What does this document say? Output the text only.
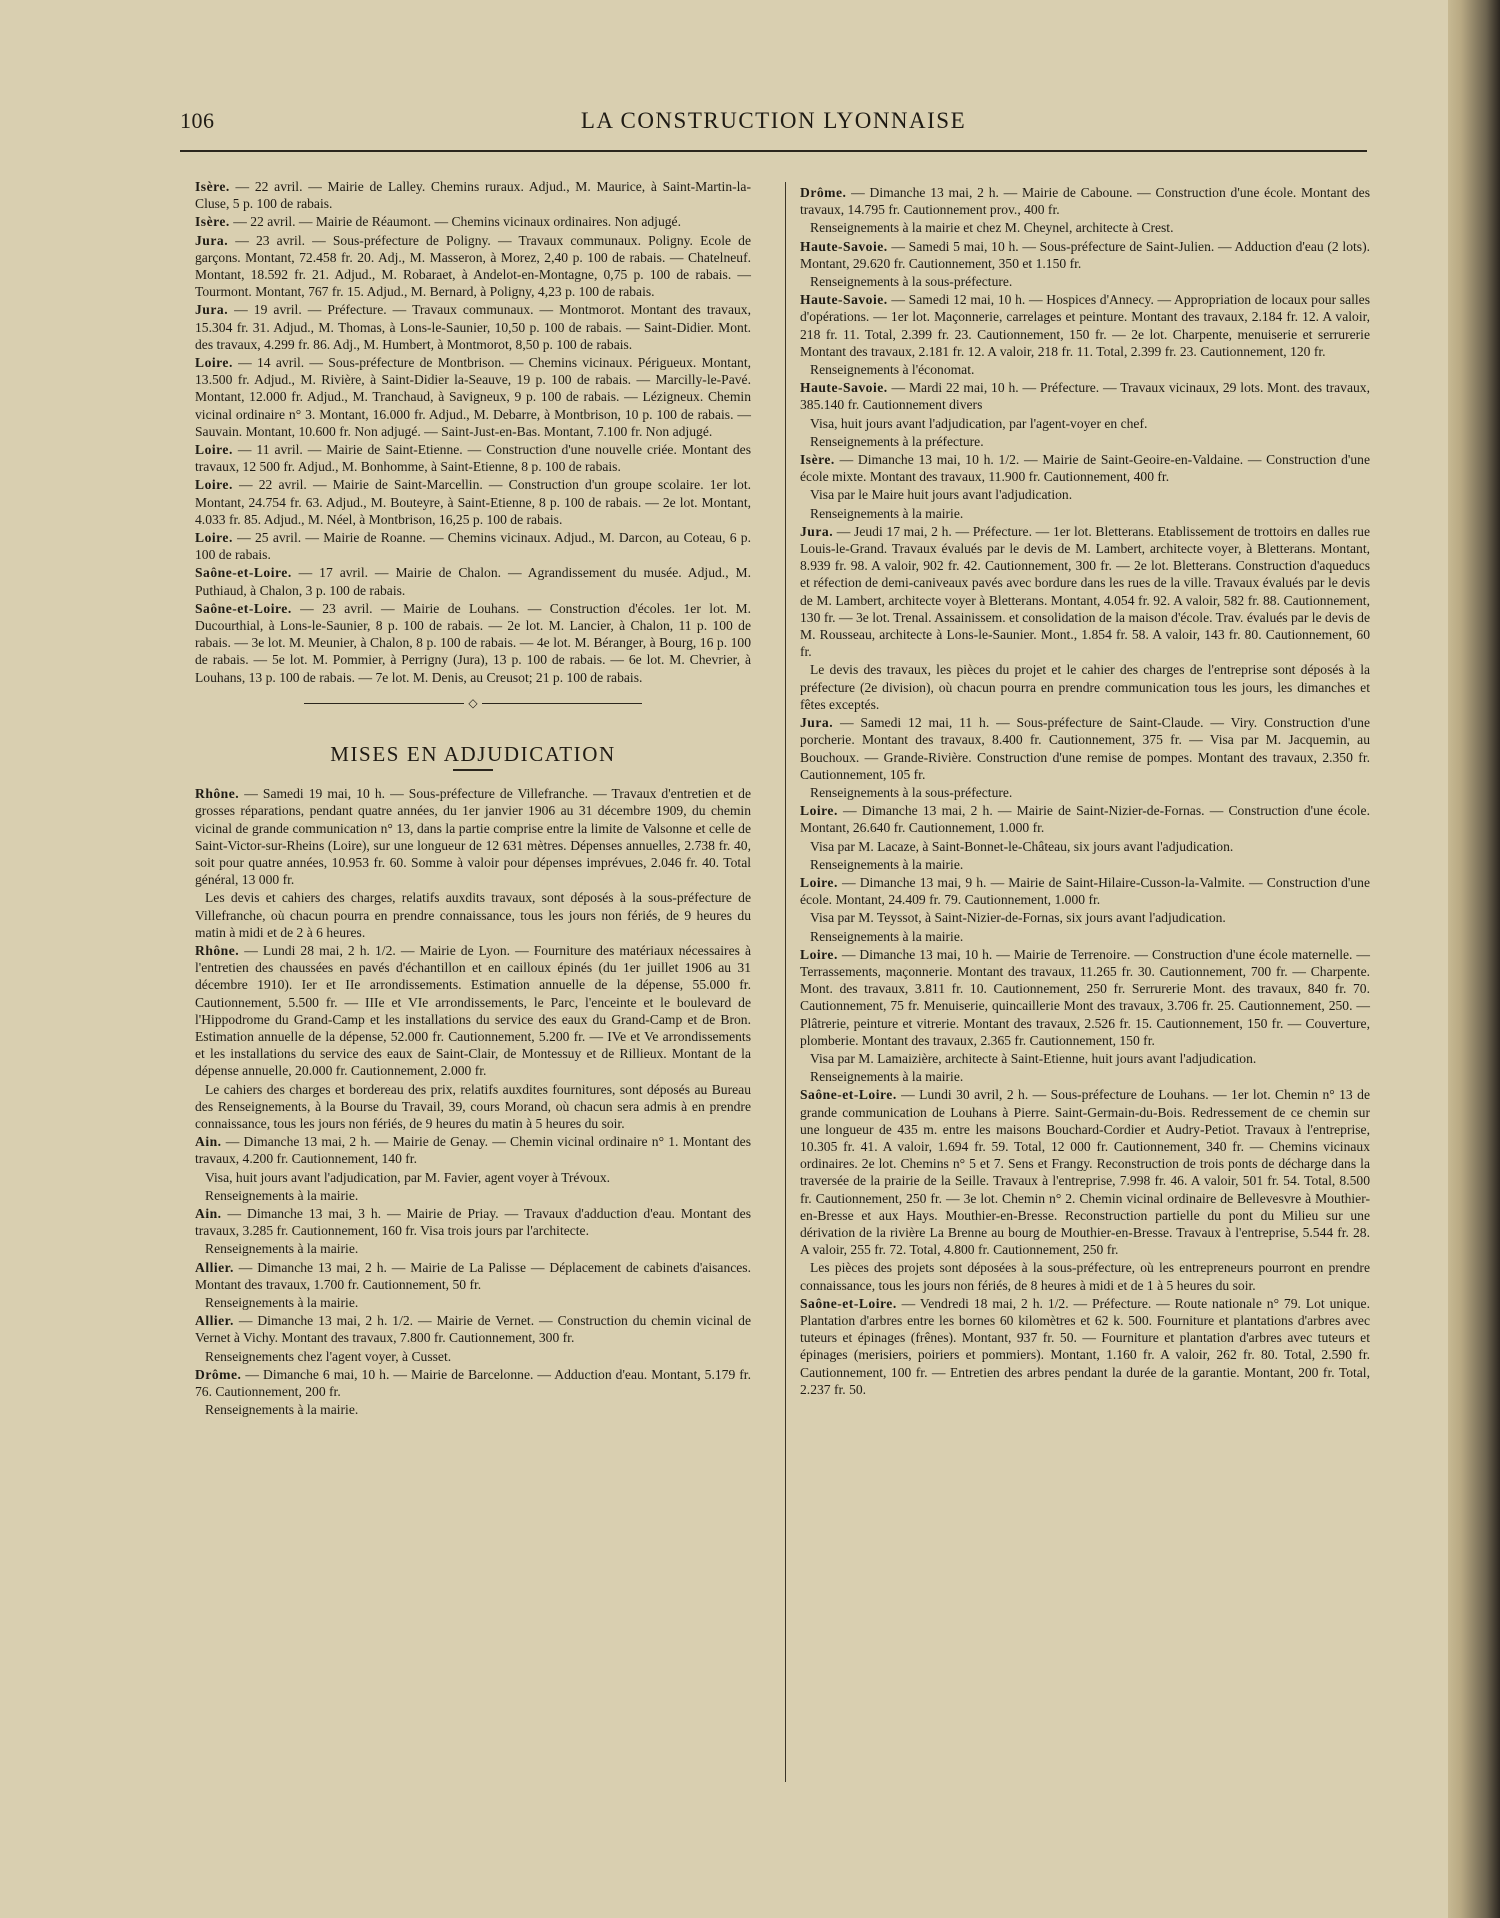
106	LA CONSTRUCTION LYONNAISE

Isère. — 22 avril. — Mairie de Lalley. Chemins ruraux. Adjud., M. Maurice, à Saint-Martin-la-Cluse, 5 p. 100 de rabais.

Isère. — 22 avril. — Mairie de Réaumont. — Chemins vicinaux ordinaires. Non adjugé.

Jura. — 23 avril. — Sous-préfecture de Poligny. — Travaux communaux. Poligny. Ecole de garçons. Montant, 72.458 fr. 20. Adj., M. Masseron, à Morez, 2,40 p. 100 de rabais. — Chatelneuf. Montant, 18.592 fr. 21. Adjud., M. Robaraet, à Andelot-en-Montagne, 0,75 p. 100 de rabais. — Tourmont. Montant, 767 fr. 15. Adjud., M. Bernard, à Poligny, 4,23 p. 100 de rabais.

Jura. — 19 avril. — Préfecture. — Travaux communaux. — Montmorot. Montant des travaux, 15.304 fr. 31. Adjud., M. Thomas, à Lons-le-Saunier, 10,50 p. 100 de rabais. — Saint-Didier. Mont. des travaux, 4.299 fr. 86. Adj., M. Humbert, à Montmorot, 8,50 p. 100 de rabais.

Loire. — 14 avril. — Sous-préfecture de Montbrison. — Chemins vicinaux. Périgueux. Montant, 13.500 fr. Adjud., M. Rivière, à Saint-Didier la-Seauve, 19 p. 100 de rabais. — Marcilly-le-Pavé. Montant, 12.000 fr. Adjud., M. Tranchaud, à Savigneux, 9 p. 100 de rabais. — Lézigneux. Chemin vicinal ordinaire n° 3. Montant, 16.000 fr. Adjud., M. Debarre, à Montbrison, 10 p. 100 de rabais. — Sauvain. Montant, 10.600 fr. Non adjugé. — Saint-Just-en-Bas. Montant, 7.100 fr. Non adjugé.

Loire. — 11 avril. — Mairie de Saint-Etienne. — Construction d'une nouvelle criée. Montant des travaux, 12 500 fr. Adjud., M. Bonhomme, à Saint-Etienne, 8 p. 100 de rabais.

Loire. — 22 avril. — Mairie de Saint-Marcellin. — Construction d'un groupe scolaire. 1er lot. Montant, 24.754 fr. 63. Adjud., M. Bouteyre, à Saint-Etienne, 8 p. 100 de rabais. — 2e lot. Montant, 4.033 fr. 85. Adjud., M. Néel, à Montbrison, 16,25 p. 100 de rabais.

Loire. — 25 avril. — Mairie de Roanne. — Chemins vicinaux. Adjud., M. Darcon, au Coteau, 6 p. 100 de rabais.

Saône-et-Loire. — 17 avril. — Mairie de Chalon. — Agrandissement du musée. Adjud., M. Puthiaud, à Chalon, 3 p. 100 de rabais.

Saône-et-Loire. — 23 avril. — Mairie de Louhans. — Construction d'écoles. 1er lot. M. Ducourthial, à Lons-le-Saunier, 8 p. 100 de rabais. — 2e lot. M. Lancier, à Chalon, 11 p. 100 de rabais. — 3e lot. M. Meunier, à Chalon, 8 p. 100 de rabais. — 4e lot. M. Béranger, à Bourg, 16 p. 100 de rabais. — 5e lot. M. Pommier, à Perrigny (Jura), 13 p. 100 de rabais. — 6e lot. M. Chevrier, à Louhans, 13 p. 100 de rabais. — 7e lot. M. Denis, au Creusot; 21 p. 100 de rabais.

◇
MISES EN ADJUDICATION

Rhône. — Samedi 19 mai, 10 h. — Sous-préfecture de Villefranche. — Travaux d'entretien et de grosses réparations, pendant quatre années, du 1er janvier 1906 au 31 décembre 1909, du chemin vicinal de grande communication n° 13, dans la partie comprise entre la limite de Valsonne et celle de Saint-Victor-sur-Rheins (Loire), sur une longueur de 12 631 mètres. Dépenses annuelles, 2.738 fr. 40, soit pour quatre années, 10.953 fr. 60. Somme à valoir pour dépenses imprévues, 2.046 fr. 40. Total général, 13 000 fr.

Les devis et cahiers des charges, relatifs auxdits travaux, sont déposés à la sous-préfecture de Villefranche, où chacun pourra en prendre connaissance, tous les jours non fériés, de 9 heures du matin à midi et de 2 à 6 heures.

Rhône. — Lundi 28 mai, 2 h. 1/2. — Mairie de Lyon. — Fourniture des matériaux nécessaires à l'entretien des chaussées en pavés d'échantillon et en cailloux épinés (du 1er juillet 1906 au 31 décembre 1910). Ier et IIe arrondissements. Estimation annuelle de la dépense, 55.000 fr. Cautionnement, 5.500 fr. — IIIe et VIe arrondissements, le Parc, l'enceinte et le boulevard de l'Hippodrome du Grand-Camp et les installations du service des eaux du Grand-Camp et de Bron. Estimation annuelle de la dépense, 52.000 fr. Cautionnement, 5.200 fr. — IVe et Ve arrondissements et les installations du service des eaux de Saint-Clair, de Montessuy et de Rillieux. Montant de la dépense annuelle, 20.000 fr. Cautionnement, 2.000 fr.

Le cahiers des charges et bordereau des prix, relatifs auxdites fournitures, sont déposés au Bureau des Renseignements, à la Bourse du Travail, 39, cours Morand, où chacun sera admis à en prendre connaissance, tous les jours non fériés, de 9 heures du matin à 5 heures du soir.

Ain. — Dimanche 13 mai, 2 h. — Mairie de Genay. — Chemin vicinal ordinaire n° 1. Montant des travaux, 4.200 fr. Cautionnement, 140 fr.

Visa, huit jours avant l'adjudication, par M. Favier, agent voyer à Trévoux.

Renseignements à la mairie.

Ain. — Dimanche 13 mai, 3 h. — Mairie de Priay. — Travaux d'adduction d'eau. Montant des travaux, 3.285 fr. Cautionnement, 160 fr. Visa trois jours par l'architecte.

Renseignements à la mairie.

Allier. — Dimanche 13 mai, 2 h. — Mairie de La Palisse — Déplacement de cabinets d'aisances. Montant des travaux, 1.700 fr. Cautionnement, 50 fr.

Renseignements à la mairie.

Allier. — Dimanche 13 mai, 2 h. 1/2. — Mairie de Vernet. — Construction du chemin vicinal de Vernet à Vichy. Montant des travaux, 7.800 fr. Cautionnement, 300 fr.

Renseignements chez l'agent voyer, à Cusset.

Drôme. — Dimanche 6 mai, 10 h. — Mairie de Barcelonne. — Adduction d'eau. Montant, 5.179 fr. 76. Cautionnement, 200 fr.

Renseignements à la mairie.

Drôme. — Dimanche 13 mai, 2 h. — Mairie de Caboune. — Construction d'une école. Montant des travaux, 14.795 fr. Cautionnement prov., 400 fr.

Renseignements à la mairie et chez M. Cheynel, architecte à Crest.

Haute-Savoie. — Samedi 5 mai, 10 h. — Sous-préfecture de Saint-Julien. — Adduction d'eau (2 lots). Montant, 29.620 fr. Cautionnement, 350 et 1.150 fr.

Renseignements à la sous-préfecture.

Haute-Savoie. — Samedi 12 mai, 10 h. — Hospices d'Annecy. — Appropriation de locaux pour salles d'opérations. — 1er lot. Maçonnerie, carrelages et peinture. Montant des travaux, 2.184 fr. 12. A valoir, 218 fr. 11. Total, 2.399 fr. 23. Cautionnement, 150 fr. — 2e lot. Charpente, menuiserie et serrurerie Montant des travaux, 2.181 fr. 12. A valoir, 218 fr. 11. Total, 2.399 fr. 23. Cautionnement, 120 fr.

Renseignements à l'économat.

Haute-Savoie. — Mardi 22 mai, 10 h. — Préfecture. — Travaux vicinaux, 29 lots. Mont. des travaux, 385.140 fr. Cautionnement divers

Visa, huit jours avant l'adjudication, par l'agent-voyer en chef.

Renseignements à la préfecture.

Isère. — Dimanche 13 mai, 10 h. 1/2. — Mairie de Saint-Geoire-en-Valdaine. — Construction d'une école mixte. Montant des travaux, 11.900 fr. Cautionnement, 400 fr.

Visa par le Maire huit jours avant l'adjudication.

Renseignements à la mairie.

Jura. — Jeudi 17 mai, 2 h. — Préfecture. — 1er lot. Bletterans. Etablissement de trottoirs en dalles rue Louis-le-Grand. Travaux évalués par le devis de M. Lambert, architecte voyer, à Bletterans. Montant, 8.939 fr. 98. A valoir, 902 fr. 42. Cautionnement, 300 fr. — 2e lot. Bletterans. Construction d'aqueducs et réfection de demi-caniveaux pavés avec bordure dans les rues de la ville. Travaux évalués par le devis de M. Lambert, architecte voyer à Bletterans. Montant, 4.054 fr. 92. A valoir, 582 fr. 88. Cautionnement, 130 fr. — 3e lot. Trenal. Assainissem. et consolidation de la maison d'école. Trav. évalués par le devis de M. Rousseau, architecte à Lons-le-Saunier. Mont., 1.854 fr. 58. A valoir, 143 fr. 80. Cautionnement, 60 fr.

Le devis des travaux, les pièces du projet et le cahier des charges de l'entreprise sont déposés à la préfecture (2e division), où chacun pourra en prendre communication tous les jours, les dimanches et fêtes exceptés.

Jura. — Samedi 12 mai, 11 h. — Sous-préfecture de Saint-Claude. — Viry. Construction d'une porcherie. Montant des travaux, 8.400 fr. Cautionnement, 375 fr. — Visa par M. Jacquemin, au Bouchoux. — Grande-Rivière. Construction d'une remise de pompes. Montant des travaux, 2.350 fr. Cautionnement, 105 fr.

Renseignements à la sous-préfecture.

Loire. — Dimanche 13 mai, 2 h. — Mairie de Saint-Nizier-de-Fornas. — Construction d'une école. Montant, 26.640 fr. Cautionnement, 1.000 fr.

Visa par M. Lacaze, à Saint-Bonnet-le-Château, six jours avant l'adjudication.

Renseignements à la mairie.

Loire. — Dimanche 13 mai, 9 h. — Mairie de Saint-Hilaire-Cusson-la-Valmite. — Construction d'une école. Montant, 24.409 fr. 79. Cautionnement, 1.000 fr.

Visa par M. Teyssot, à Saint-Nizier-de-Fornas, six jours avant l'adjudication.

Renseignements à la mairie.

Loire. — Dimanche 13 mai, 10 h. — Mairie de Terrenoire. — Construction d'une école maternelle. — Terrassements, maçonnerie. Montant des travaux, 11.265 fr. 30. Cautionnement, 700 fr. — Charpente. Mont. des travaux, 3.811 fr. 10. Cautionnement, 250 fr. Serrurerie Mont. des travaux, 840 fr. 70. Cautionnement, 75 fr. Menuiserie, quincaillerie Mont des travaux, 3.706 fr. 25. Cautionnement, 250. — Plâtrerie, peinture et vitrerie. Montant des travaux, 2.526 fr. 15. Cautionnement, 150 fr. — Couverture, plomberie. Montant des travaux, 2.365 fr. Cautionnement, 150 fr.

Visa par M. Lamaizière, architecte à Saint-Etienne, huit jours avant l'adjudication.

Renseignements à la mairie.

Saône-et-Loire. — Lundi 30 avril, 2 h. — Sous-préfecture de Louhans. — 1er lot. Chemin n° 13 de grande communication de Louhans à Pierre. Saint-Germain-du-Bois. Redressement de ce chemin sur une longueur de 435 m. entre les maisons Bouchard-Cordier et Audry-Petiot. Travaux à l'entreprise, 10.305 fr. 41. A valoir, 1.694 fr. 59. Total, 12 000 fr. Cautionnement, 340 fr. — Chemins vicinaux ordinaires. 2e lot. Chemins n° 5 et 7. Sens et Frangy. Reconstruction de trois ponts de décharge dans la traversée de la prairie de la Seille. Travaux à l'entreprise, 7.998 fr. 46. A valoir, 501 fr. 54. Total, 8.500 fr. Cautionnement, 250 fr. — 3e lot. Chemin n° 2. Chemin vicinal ordinaire de Bellevesvre à Mouthier-en-Bresse et aux Hays. Mouthier-en-Bresse. Reconstruction partielle du pont du Milieu sur une dérivation de la rivière La Brenne au bourg de Mouthier-en-Bresse. Travaux à l'entreprise, 5.544 fr. 28. A valoir, 255 fr. 72. Total, 4.800 fr. Cautionnement, 250 fr.

Les pièces des projets sont déposées à la sous-préfecture, où les entrepreneurs pourront en prendre connaissance, tous les jours non fériés, de 8 heures à midi et de 1 à 5 heures du soir.

Saône-et-Loire. — Vendredi 18 mai, 2 h. 1/2. — Préfecture. — Route nationale n° 79. Lot unique. Plantation d'arbres entre les bornes 60 kilomètres et 62 k. 500. Fourniture et plantations d'arbres avec tuteurs et épinages (frênes). Montant, 937 fr. 50. — Fourniture et plantation d'arbres avec tuteurs et épinages (merisiers, poiriers et pommiers). Montant, 1.160 fr. A valoir, 262 fr. 80. Total, 2.590 fr. Cautionnement, 100 fr. — Entretien des arbres pendant la durée de la garantie. Montant, 200 fr. Total, 2.237 fr. 50.
